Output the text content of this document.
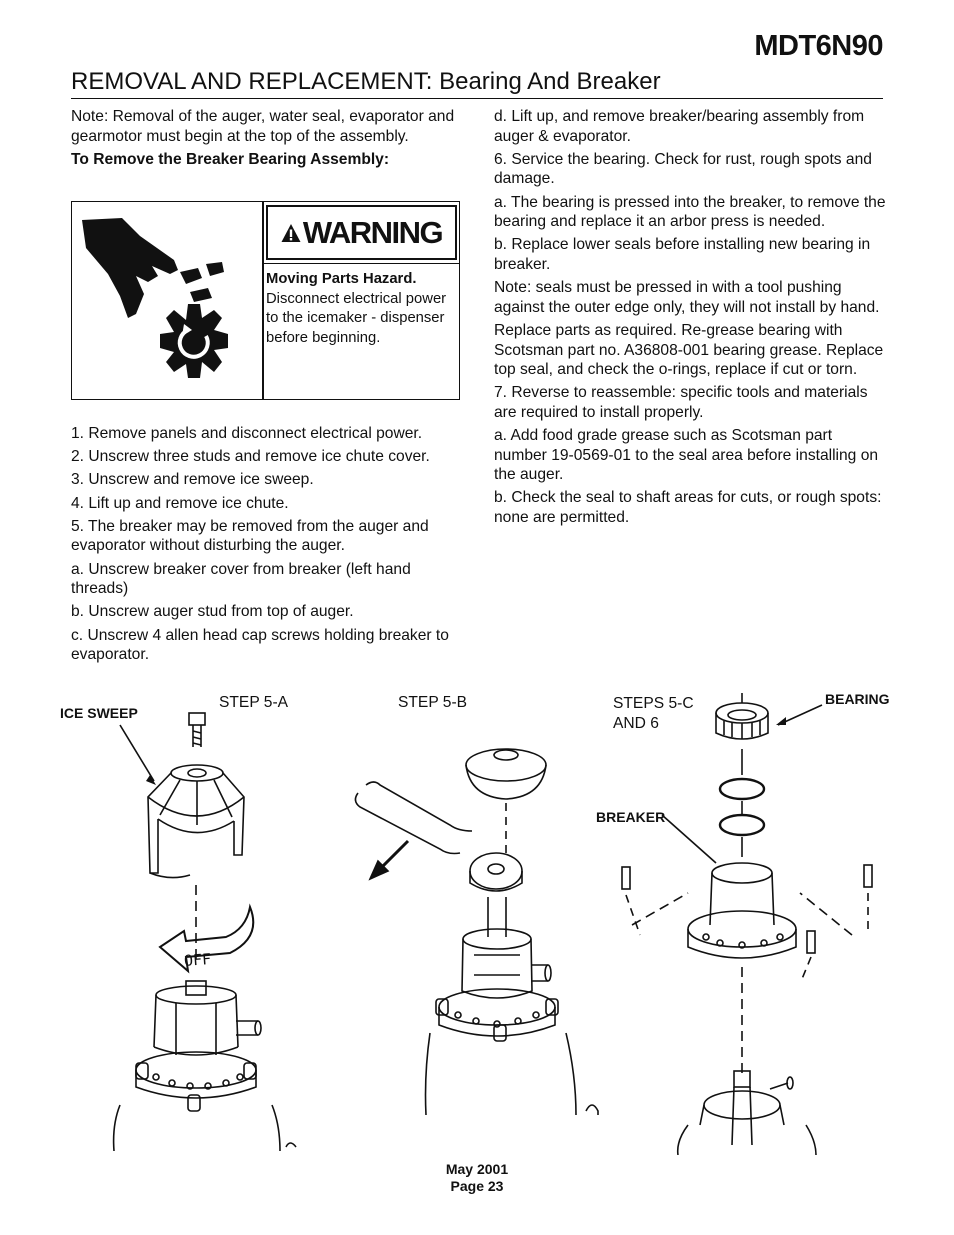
MDT6N90
REMOVAL AND REPLACEMENT: Bearing And Breaker

Note: Removal of the auger, water seal, evaporator and gearmotor must begin at the top of the assembly.

To Remove the Breaker Bearing Assembly:

WARNING
Moving Parts Hazard.
Disconnect electrical power to the icemaker - dispenser before beginning.

1. Remove panels and disconnect electrical power.

2. Unscrew three studs and remove ice chute cover.

3. Unscrew and remove ice sweep.

4. Lift up and remove ice chute.

5. The breaker may be removed from the auger and evaporator without disturbing the auger.

a. Unscrew breaker cover from breaker (left hand threads)

b. Unscrew auger stud from top of auger.

c. Unscrew 4 allen head cap screws holding breaker to evaporator.

d. Lift up, and remove breaker/bearing assembly from auger & evaporator.

6. Service the bearing. Check for rust, rough spots and damage.

a. The bearing is pressed into the breaker, to remove the bearing and replace it an arbor press is needed.

b. Replace lower seals before installing new bearing in breaker.

Note: seals must be pressed in with a tool pushing against the outer edge only, they will not install by hand.

Replace parts as required. Re-grease bearing with Scotsman part no. A36808-001 bearing grease. Replace top seal, and check the o-rings, replace if cut or torn.

7. Reverse to reassemble: specific tools and materials are required to install properly.

a. Add food grade grease such as Scotsman part number 19-0569-01 to the seal area before installing on the auger.

b. Check the seal to shaft areas for cuts, or rough spots: none are permitted.

ICE SWEEP
STEP 5-A	STEP 5-B	STEPS 5-C
AND 6
BEARING
BREAKER
OFF
May 2001
Page 23
